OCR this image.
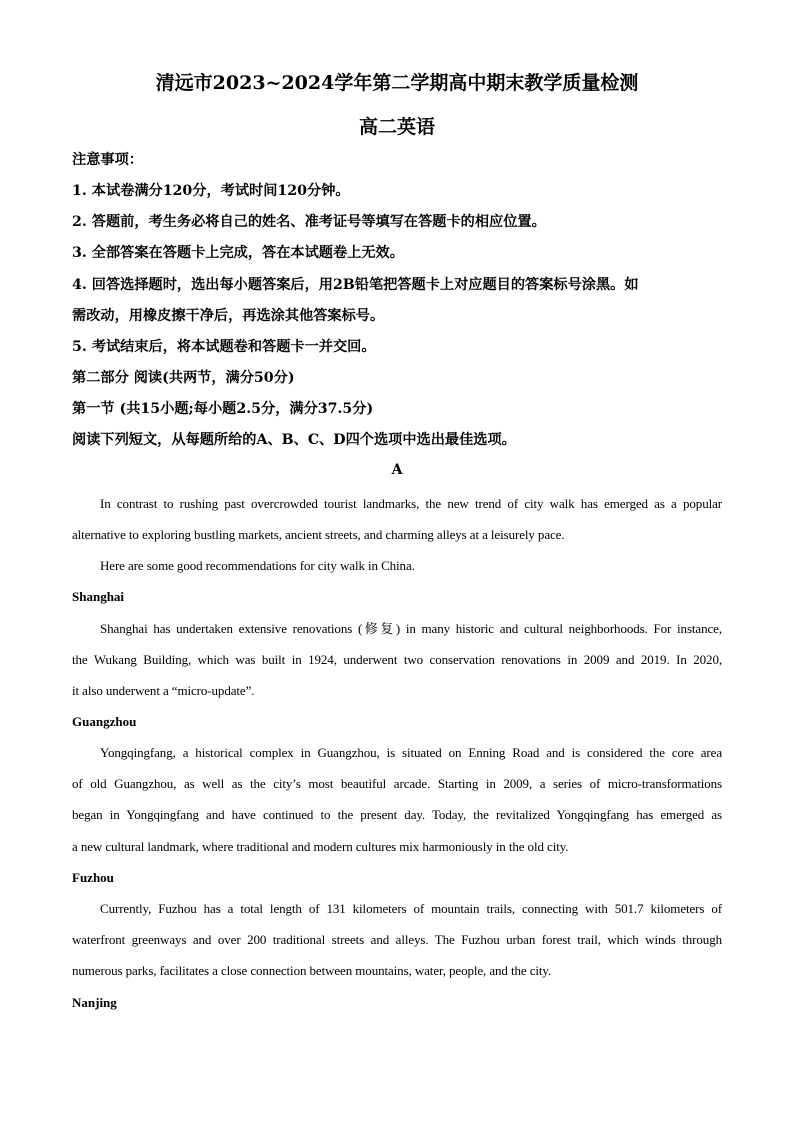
清远市2023~2024学年第二学期高中期末教学质量检测
高二英语
注意事项：
1. 本试卷满分120分，考试时间120分钟。
2. 答题前，考生务必将自己的姓名、准考证号等填写在答题卡的相应位置。
3. 全部答案在答题卡上完成，答在本试题卷上无效。
4. 回答选择题时，选出每小题答案后，用2B铅笔把答题卡上对应题目的答案标号涂黑。如
需改动，用橡皮擦干净后，再选涂其他答案标号。
5. 考试结束后，将本试题卷和答题卡一并交回。
第二部分 阅读(共两节，满分50分)
第一节 (共15小题;每小题2.5分，满分37.5分)
阅读下列短文，从每题所给的A、B、C、D四个选项中选出最佳选项。
A
In contrast to rushing past overcrowded tourist landmarks, the new trend of city walk has emerged as a popular
alternative to exploring bustling markets, ancient streets, and charming alleys at a leisurely pace.
Here are some good recommendations for city walk in China.
Shanghai
Shanghai has undertaken extensive renovations (修复) in many historic and cultural neighborhoods. For instance,
the Wukang Building, which was built in 1924, underwent two conservation renovations in 2009 and 2019. In 2020,
it also underwent a “micro-update”.
Guangzhou
Yongqingfang, a historical complex in Guangzhou, is situated on Enning Road and is considered the core area
of old Guangzhou, as well as the city’s most beautiful arcade. Starting in 2009, a series of micro-transformations
began in Yongqingfang and have continued to the present day. Today, the revitalized Yongqingfang has emerged as
a new cultural landmark, where traditional and modern cultures mix harmoniously in the old city.
Fuzhou
Currently, Fuzhou has a total length of 131 kilometers of mountain trails, connecting with 501.7 kilometers of
waterfront greenways and over 200 traditional streets and alleys. The Fuzhou urban forest trail, which winds through
numerous parks, facilitates a close connection between mountains, water, people, and the city.
Nanjing
